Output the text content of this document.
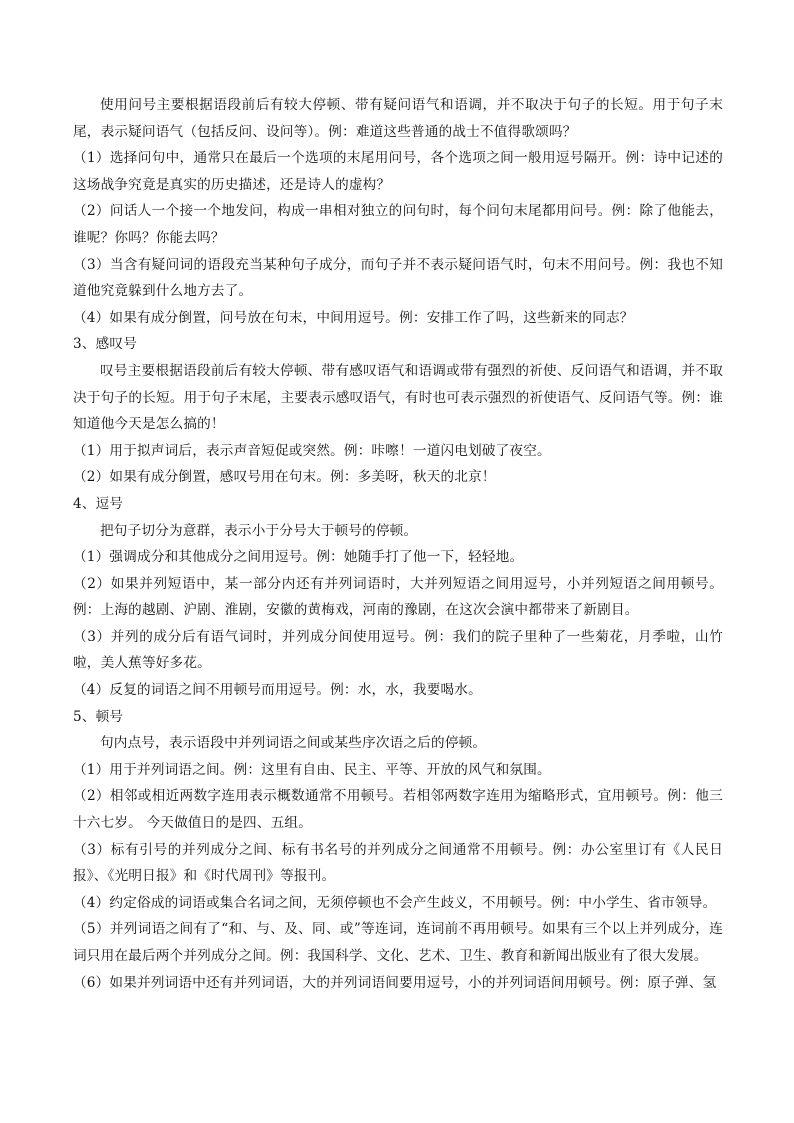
使用问号主要根据语段前后有较大停顿、带有疑问语气和语调，并不取决于句子的长短。用于句子末尾，表示疑问语气（包括反问、设问等）。例：难道这些普通的战士不值得歌颂吗？

（1）选择问句中，通常只在最后一个选项的末尾用问号，各个选项之间一般用逗号隔开。例：诗中记述的这场战争究竟是真实的历史描述，还是诗人的虚构？

（2）问话人一个接一个地发问，构成一串相对独立的问句时，每个问句末尾都用问号。例：除了他能去，谁呢？你吗？你能去吗？

（3）当含有疑问词的语段充当某种句子成分，而句子并不表示疑问语气时，句末不用问号。例：我也不知道他究竟躲到什么地方去了。

（4）如果有成分倒置，问号放在句末，中间用逗号。例：安排工作了吗，这些新来的同志？

3、感叹号

叹号主要根据语段前后有较大停顿、带有感叹语气和语调或带有强烈的祈使、反问语气和语调，并不取决于句子的长短。用于句子末尾，主要表示感叹语气，有时也可表示强烈的祈使语气、反问语气等。例：谁知道他今天是怎么搞的！

（1）用于拟声词后，表示声音短促或突然。例：咔嚓！一道闪电划破了夜空。

（2）如果有成分倒置，感叹号用在句末。例：多美呀，秋天的北京！

4、逗号

把句子切分为意群，表示小于分号大于顿号的停顿。

（1）强调成分和其他成分之间用逗号。例：她随手打了他一下，轻轻地。

（2）如果并列短语中，某一部分内还有并列词语时，大并列短语之间用逗号，小并列短语之间用顿号。例：上海的越剧、沪剧、淮剧，安徽的黄梅戏，河南的豫剧，在这次会演中都带来了新剧目。

（3）并列的成分后有语气词时，并列成分间使用逗号。例：我们的院子里种了一些菊花，月季啦，山竹啦，美人蕉等好多花。

（4）反复的词语之间不用顿号而用逗号。例：水，水，我要喝水。

5、顿号

句内点号，表示语段中并列词语之间或某些序次语之后的停顿。

（1）用于并列词语之间。例：这里有自由、民主、平等、开放的风气和氛围。

（2）相邻或相近两数字连用表示概数通常不用顿号。若相邻两数字连用为缩略形式，宜用顿号。例：他三十六七岁。 今天做值日的是四、五组。

（3）标有引号的并列成分之间、标有书名号的并列成分之间通常不用顿号。例：办公室里订有《人民日报》、《光明日报》和《时代周刊》等报刊。

（4）约定俗成的词语或集合名词之间，无须停顿也不会产生歧义，不用顿号。例：中小学生、省市领导。

（5）并列词语之间有了“和、与、及、同、或”等连词，连词前不再用顿号。如果有三个以上并列成分，连词只用在最后两个并列成分之间。例：我国科学、文化、艺术、卫生、教育和新闻出版业有了很大发展。

（6）如果并列词语中还有并列词语，大的并列词语间要用逗号，小的并列词语间用顿号。例：原子弹、氢
